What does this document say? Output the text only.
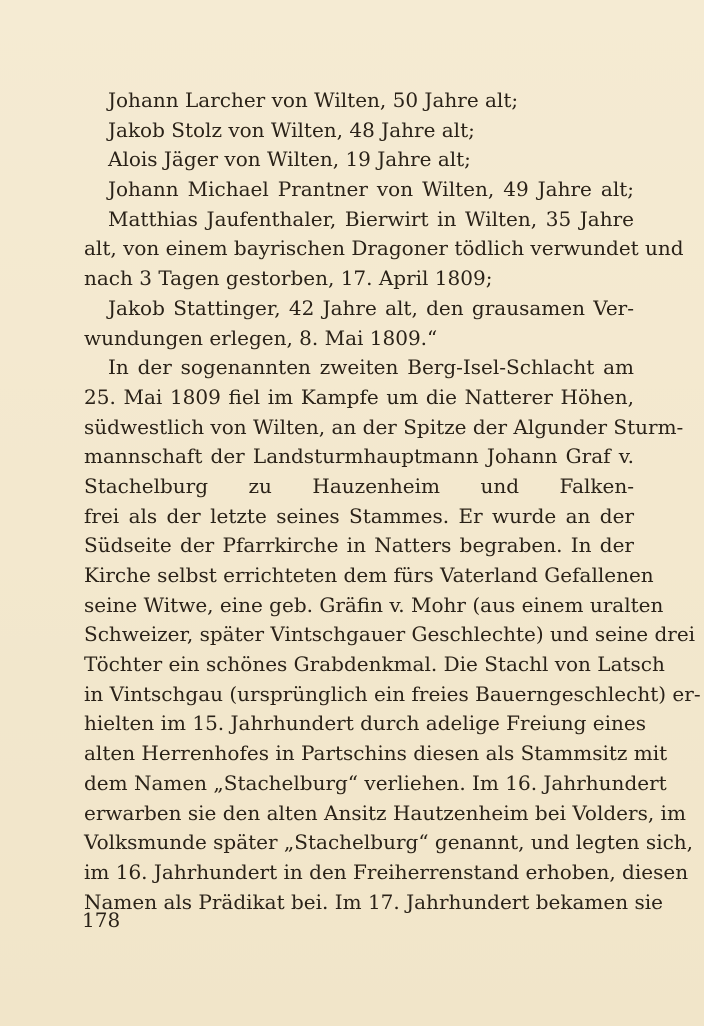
Johann Larcher von Wilten, 50 Jahre alt;
Jakob Stolz von Wilten, 48 Jahre alt;
Alois Jäger von Wilten, 19 Jahre alt;
Johann Michael Prantner von Wilten, 49 Jahre alt;
Matthias Jaufenthaler, Bierwirt in Wilten, 35 Jahre
alt, von einem bayrischen Dragoner tödlich verwundet und
nach 3 Tagen gestorben, 17. April 1809;
Jakob Stattinger, 42 Jahre alt, den grausamen Ver-
wundungen erlegen, 8. Mai 1809.“
In der sogenannten zweiten Berg-Isel-Schlacht am
25. Mai 1809 fiel im Kampfe um die Natterer Höhen,
südwestlich von Wilten, an der Spitze der Algunder Sturm-
mannschaft der Landsturmhauptmann Johann Graf v.
Stachelburg zu Hauzenheim und Falken-
frei als der letzte seines Stammes. Er wurde an der
Südseite der Pfarrkirche in Natters begraben. In der
Kirche selbst errichteten dem fürs Vaterland Gefallenen
seine Witwe, eine geb. Gräfin v. Mohr (aus einem uralten
Schweizer, später Vintschgauer Geschlechte) und seine drei
Töchter ein schönes Grabdenkmal. Die Stachl von Latsch
in Vintschgau (ursprünglich ein freies Bauerngeschlecht) er-
hielten im 15. Jahrhundert durch adelige Freiung eines
alten Herrenhofes in Partschins diesen als Stammsitz mit
dem Namen „Stachelburg“ verliehen. Im 16. Jahrhundert
erwarben sie den alten Ansitz Hautzenheim bei Volders, im
Volksmunde später „Stachelburg“ genannt, und legten sich,
im 16. Jahrhundert in den Freiherrenstand erhoben, diesen
Namen als Prädikat bei. Im 17. Jahrhundert bekamen sie
178
